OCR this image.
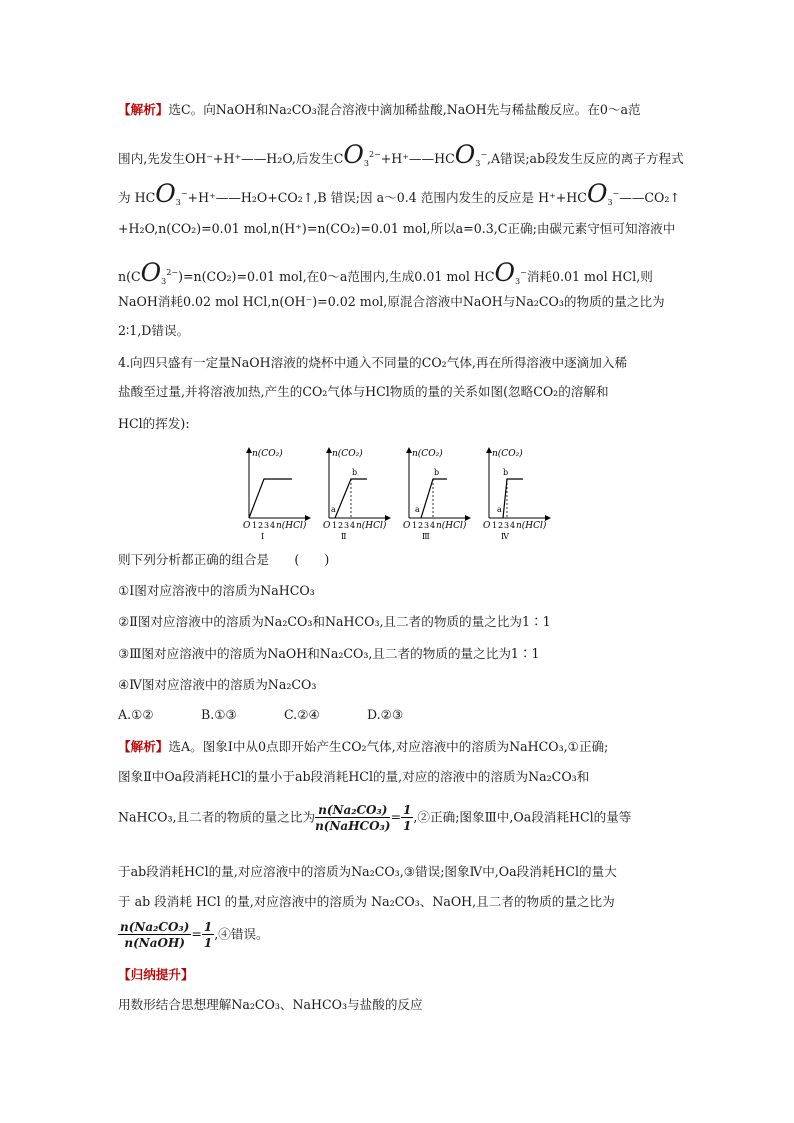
【解析】选C。向NaOH和Na₂CO₃混合溶液中滴加稀盐酸,NaOH先与稀盐酸反应。在0～a范
围内,先发生OH⁻+H⁺——H₂O,后发生$CO_3^{2-}+H^+——HCO_3^-,A$错误;ab段发生反应的离子方程式
为 $HCO_3^-+H^+——H_2O+CO_2↑,B$ 错误;因 a～0.4 范围内发生的反应是 $H^++HCO_3^-——CO_2↑$
+H₂O,n(CO₂)=0.01 mol,n(H⁺)=n(CO₂)=0.01 mol,所以a=0.3,C正确;由碳元素守恒可知溶液中
$n(CO_3^{2-})=n(CO_2)=0.01$ mol,在0～a范围内,生成0.01 mol $HCO_3^-$消耗0.01 mol HCl,则
NaOH消耗0.02 mol HCl,n(OH⁻)=0.02 mol,原混合溶液中NaOH与Na₂CO₃的物质的量之比为
2∶1,D错误。
4.向四只盛有一定量NaOH溶液的烧杯中通入不同量的CO₂气体,再在所得溶液中逐滴加入稀
盐酸至过量,并将溶液加热,产生的CO₂气体与HCl物质的量的关系如图(忽略CO₂的溶解和
HCl的挥发):
n(CO₂)
O 1 2 3 4 n(HCl)
Ⅰ
n(CO₂)
a
b
O 1 2 3 4 n(HCl)
Ⅱ
n(CO₂)
a
b
O 1 2 3 4 n(HCl)
Ⅲ
n(CO₂)
a
b
O 1 2 3 4 n(HCl)
Ⅳ
则下列分析都正确的组合是　　(　　)
①Ⅰ图对应溶液中的溶质为NaHCO₃
②Ⅱ图对应溶液中的溶质为Na₂CO₃和NaHCO₃,且二者的物质的量之比为1∶1
③Ⅲ图对应溶液中的溶质为NaOH和Na₂CO₃,且二者的物质的量之比为1∶1
④Ⅳ图对应溶液中的溶质为Na₂CO₃
A.①②	B.①③	C.②④	D.②③
【解析】选A。图象Ⅰ中从0点即开始产生CO₂气体,对应溶液中的溶质为NaHCO₃,①正确;
图象Ⅱ中Oa段消耗HCl的量小于ab段消耗HCl的量,对应的溶液中的溶质为Na₂CO₃和
NaHCO₃,且二者的物质的量之比为 $\frac{\text{n(Na₂CO₃)}}{\text{n(NaHCO₃)}} = \frac{1}{1}$ ,②正确;图象Ⅲ中,Oa段消耗HCl的量等
于ab段消耗HCl的量,对应溶液中的溶质为Na₂CO₃,③错误;图象Ⅳ中,Oa段消耗HCl的量大
于 ab 段消耗 HCl 的量,对应溶液中的溶质为 Na₂CO₃、NaOH,且二者的物质的量之比为
$\frac{\text{n(Na₂CO₃)}}{\text{n(NaOH)}} = \frac{1}{1}$ ,④错误。
【归纳提升】
用数形结合思想理解Na₂CO₃、NaHCO₃与盐酸的反应
